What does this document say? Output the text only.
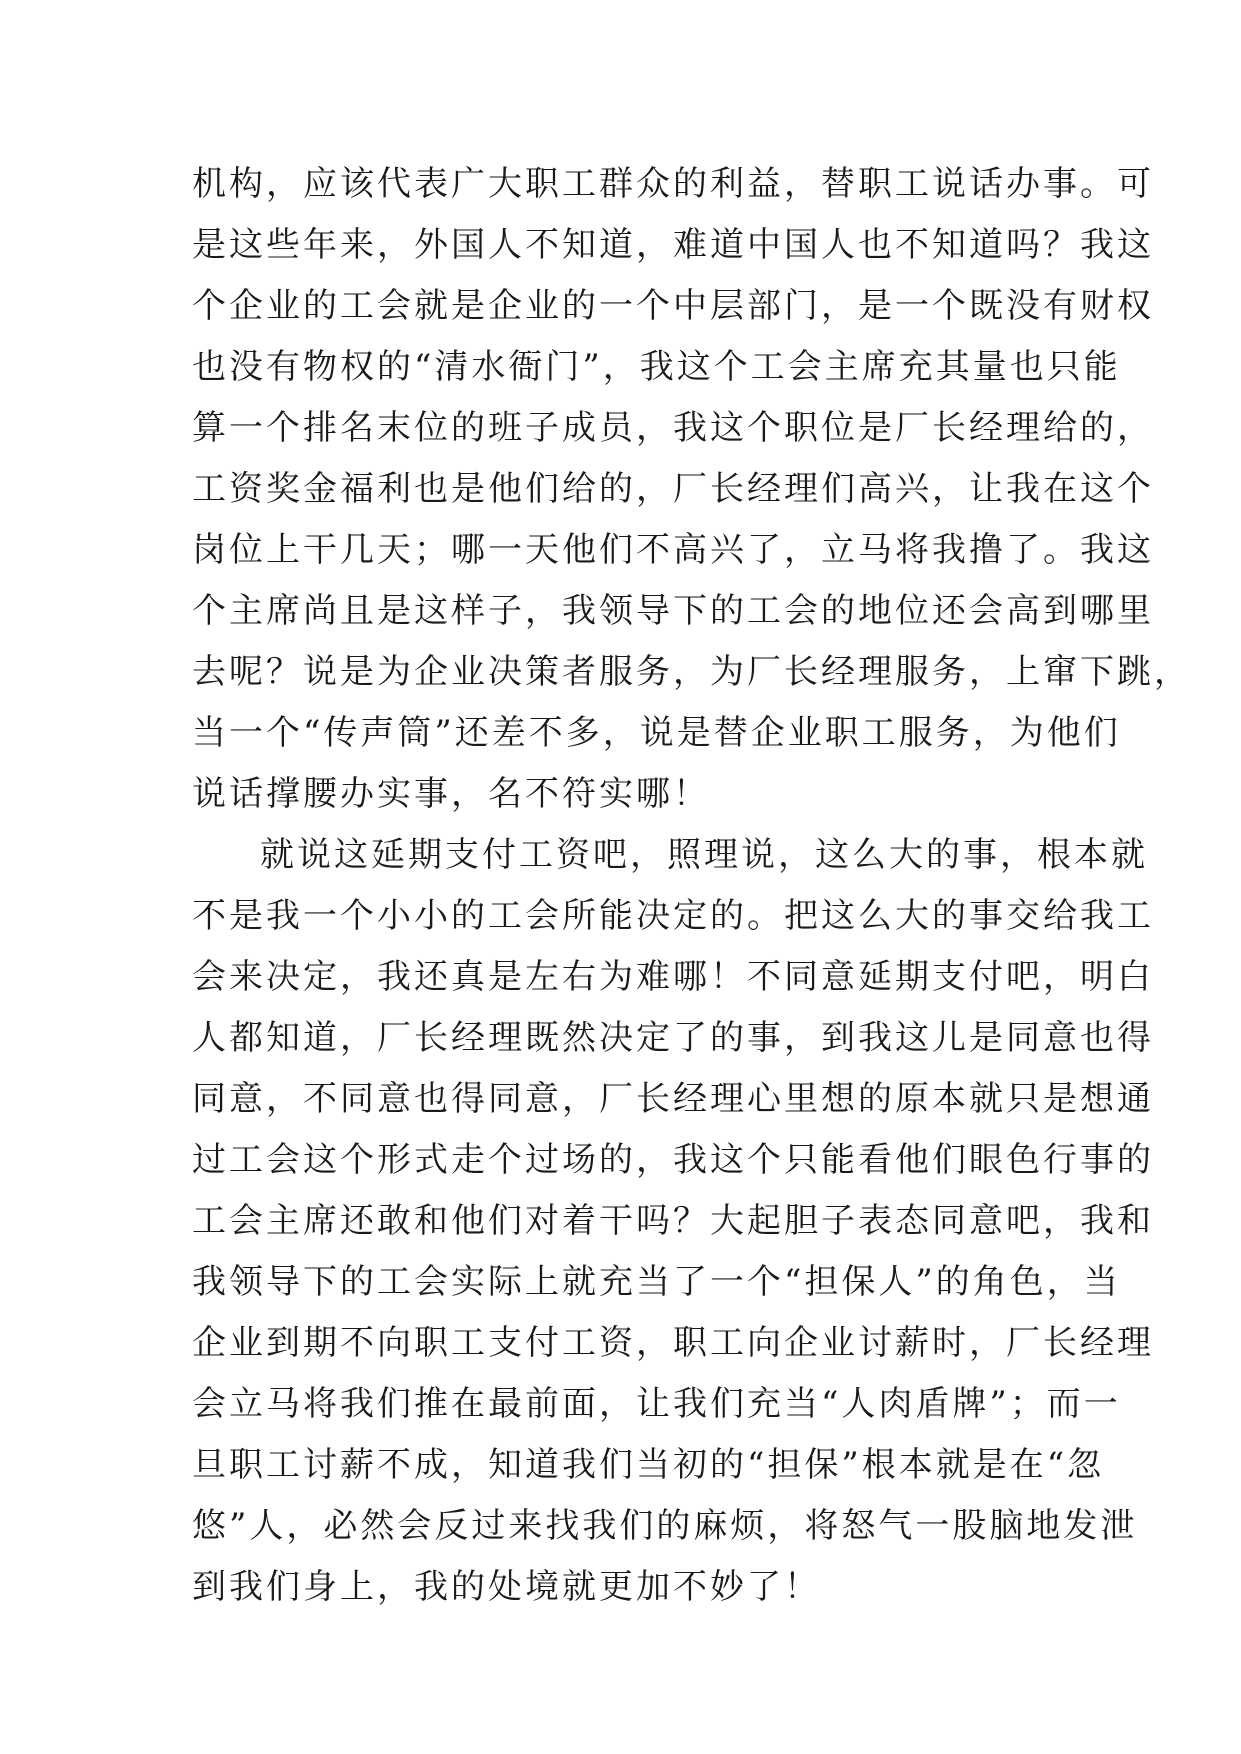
机构，应该代表广大职工群众的利益，替职工说话办事。可
是这些年来，外国人不知道，难道中国人也不知道吗？我这
个企业的工会就是企业的一个中层部门，是一个既没有财权
也没有物权的“清水衙门”，我这个工会主席充其量也只能
算一个排名末位的班子成员，我这个职位是厂长经理给的，
工资奖金福利也是他们给的，厂长经理们高兴，让我在这个
岗位上干几天；哪一天他们不高兴了，立马将我撸了。我这
个主席尚且是这样子，我领导下的工会的地位还会高到哪里
去呢？说是为企业决策者服务，为厂长经理服务，上窜下跳，
当一个“传声筒”还差不多，说是替企业职工服务，为他们
说话撑腰办实事，名不符实哪！
就说这延期支付工资吧，照理说，这么大的事，根本就
不是我一个小小的工会所能决定的。把这么大的事交给我工
会来决定，我还真是左右为难哪！不同意延期支付吧，明白
人都知道，厂长经理既然决定了的事，到我这儿是同意也得
同意，不同意也得同意，厂长经理心里想的原本就只是想通
过工会这个形式走个过场的，我这个只能看他们眼色行事的
工会主席还敢和他们对着干吗？大起胆子表态同意吧，我和
我领导下的工会实际上就充当了一个“担保人”的角色，当
企业到期不向职工支付工资，职工向企业讨薪时，厂长经理
会立马将我们推在最前面，让我们充当“人肉盾牌”；而一
旦职工讨薪不成，知道我们当初的“担保”根本就是在“忽
悠”人，必然会反过来找我们的麻烦，将怒气一股脑地发泄
到我们身上，我的处境就更加不妙了！
